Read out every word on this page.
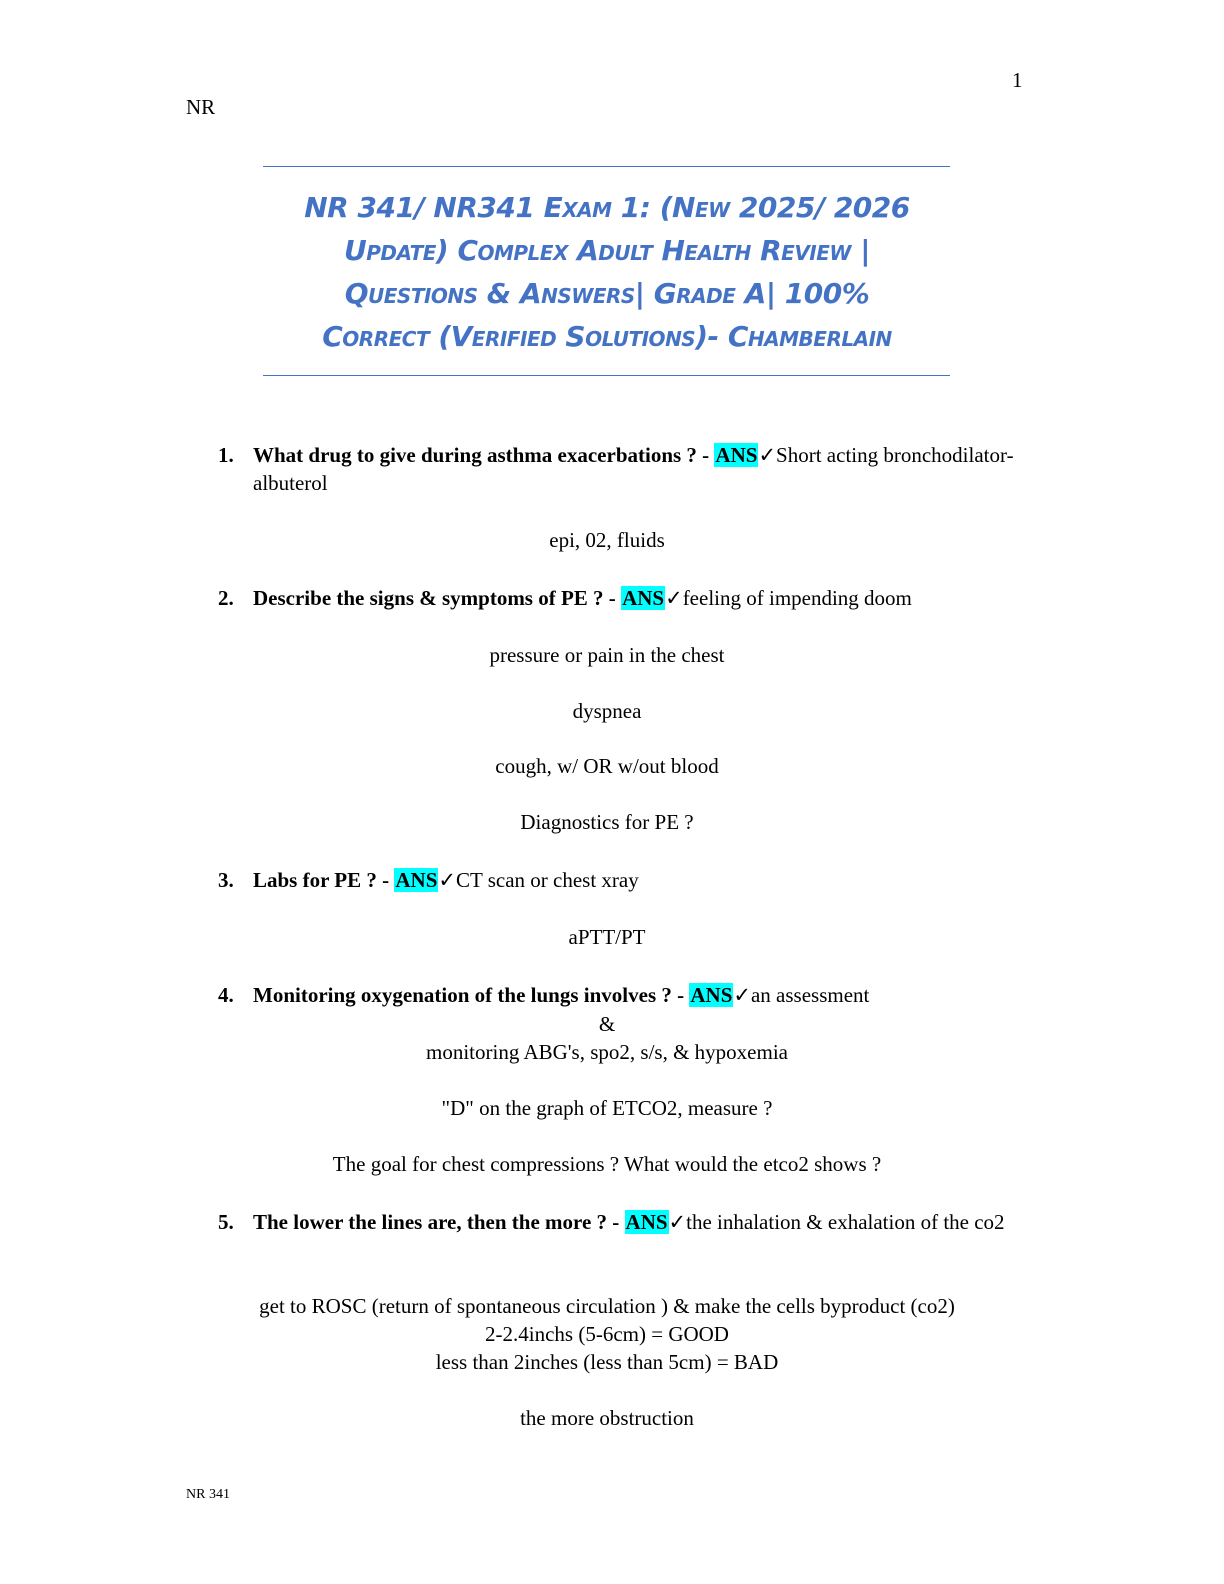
1
NR
NR 341/ NR341 Exam 1: (New 2025/ 2026
Update) Complex Adult Health Review |
Questions & Answers| Grade A| 100%
Correct (Verified Solutions)- Chamberlain
1. What drug to give during asthma exacerbations ? - ANS✓Short acting bronchodilator- albuterol
epi, 02, fluids
2. Describe the signs & symptoms of PE ? - ANS✓feeling of impending doom
pressure or pain in the chest
dyspnea
cough, w/ OR w/out blood
Diagnostics for PE ?
3. Labs for PE ? - ANS✓CT scan or chest xray
aPTT/PT
4. Monitoring oxygenation of the lungs involves ? - ANS✓an assessment
&
monitoring ABG's, spo2, s/s, & hypoxemia
"D" on the graph of ETCO2, measure ?
The goal for chest compressions ? What would the etco2 shows ?
5. The lower the lines are, then the more ? - ANS✓the inhalation & exhalation of the co2
get to ROSC (return of spontaneous circulation ) & make the cells byproduct (co2)
2-2.4inchs (5-6cm) = GOOD
less than 2inches (less than 5cm) = BAD
the more obstruction
NR 341
